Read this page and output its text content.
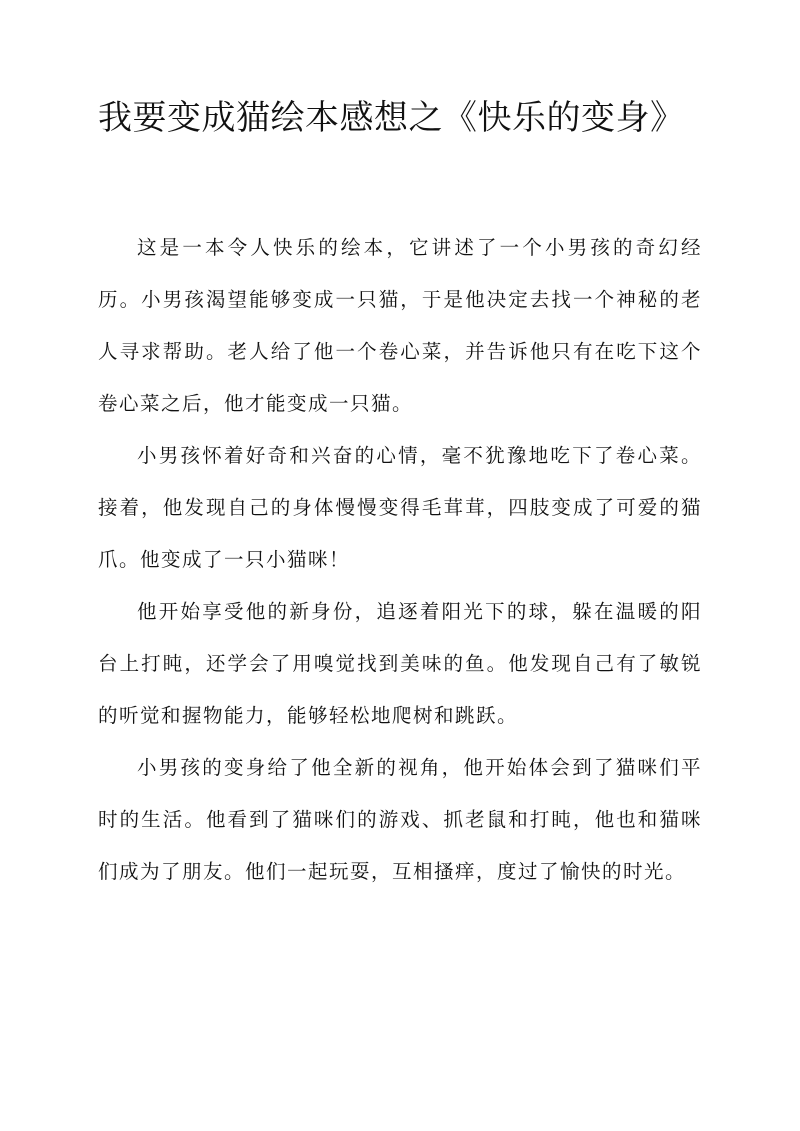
我要变成猫绘本感想之《快乐的变身》

这是一本令人快乐的绘本，它讲述了一个小男孩的奇幻经历。小男孩渴望能够变成一只猫，于是他决定去找一个神秘的老人寻求帮助。老人给了他一个卷心菜，并告诉他只有在吃下这个卷心菜之后，他才能变成一只猫。

小男孩怀着好奇和兴奋的心情，毫不犹豫地吃下了卷心菜。接着，他发现自己的身体慢慢变得毛茸茸，四肢变成了可爱的猫爪。他变成了一只小猫咪！

他开始享受他的新身份，追逐着阳光下的球，躲在温暖的阳台上打盹，还学会了用嗅觉找到美味的鱼。他发现自己有了敏锐的听觉和握物能力，能够轻松地爬树和跳跃。

小男孩的变身给了他全新的视角，他开始体会到了猫咪们平时的生活。他看到了猫咪们的游戏、抓老鼠和打盹，他也和猫咪们成为了朋友。他们一起玩耍，互相搔痒，度过了愉快的时光。
